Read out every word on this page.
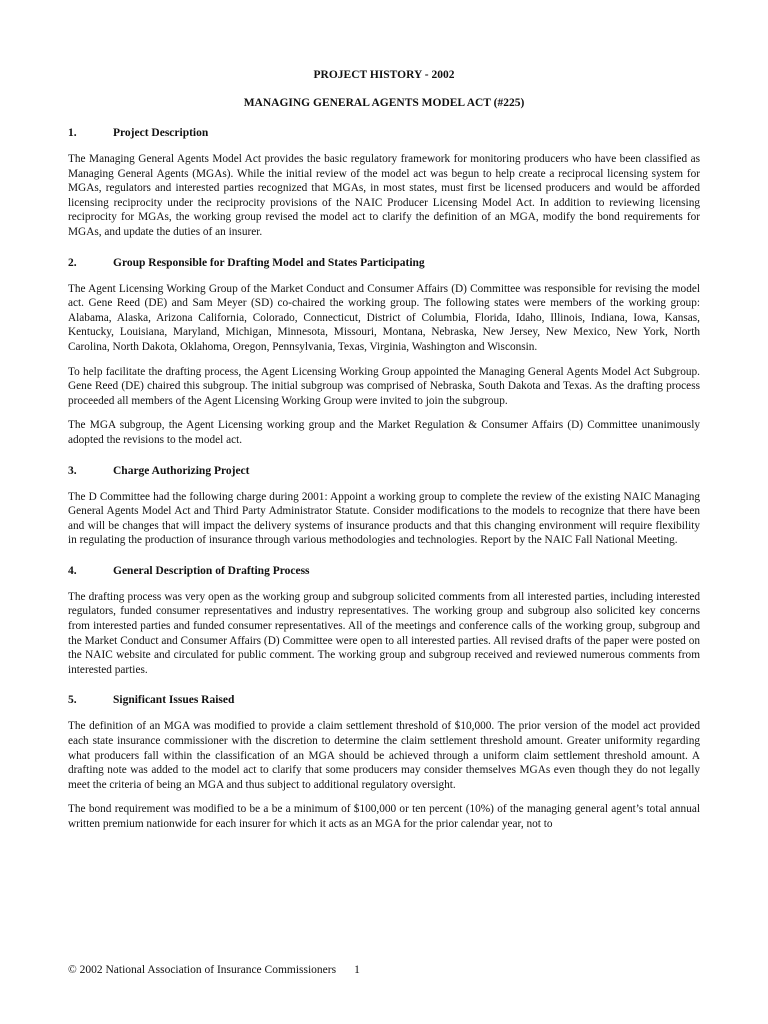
PROJECT HISTORY - 2002
MANAGING GENERAL AGENTS MODEL ACT (#225)
1.	Project Description

The Managing General Agents Model Act provides the basic regulatory framework for monitoring producers who have been classified as Managing General Agents (MGAs). While the initial review of the model act was begun to help create a reciprocal licensing system for MGAs, regulators and interested parties recognized that MGAs, in most states, must first be licensed producers and would be afforded licensing reciprocity under the reciprocity provisions of the NAIC Producer Licensing Model Act. In addition to reviewing licensing reciprocity for MGAs, the working group revised the model act to clarify the definition of an MGA, modify the bond requirements for MGAs, and update the duties of an insurer.

2.	Group Responsible for Drafting Model and States Participating

The Agent Licensing Working Group of the Market Conduct and Consumer Affairs (D) Committee was responsible for revising the model act. Gene Reed (DE) and Sam Meyer (SD) co-chaired the working group. The following states were members of the working group: Alabama, Alaska, Arizona California, Colorado, Connecticut, District of Columbia, Florida, Idaho, Illinois, Indiana, Iowa, Kansas, Kentucky, Louisiana, Maryland, Michigan, Minnesota, Missouri, Montana, Nebraska, New Jersey, New Mexico, New York, North Carolina, North Dakota, Oklahoma, Oregon, Pennsylvania, Texas, Virginia, Washington and Wisconsin.

To help facilitate the drafting process, the Agent Licensing Working Group appointed the Managing General Agents Model Act Subgroup. Gene Reed (DE) chaired this subgroup. The initial subgroup was comprised of Nebraska, South Dakota and Texas. As the drafting process proceeded all members of the Agent Licensing Working Group were invited to join the subgroup.

The MGA subgroup, the Agent Licensing working group and the Market Regulation & Consumer Affairs (D) Committee unanimously adopted the revisions to the model act.

3.	Charge Authorizing Project

The D Committee had the following charge during 2001: Appoint a working group to complete the review of the existing NAIC Managing General Agents Model Act and Third Party Administrator Statute. Consider modifications to the models to recognize that there have been and will be changes that will impact the delivery systems of insurance products and that this changing environment will require flexibility in regulating the production of insurance through various methodologies and technologies. Report by the NAIC Fall National Meeting.

4.	General Description of Drafting Process

The drafting process was very open as the working group and subgroup solicited comments from all interested parties, including interested regulators, funded consumer representatives and industry representatives. The working group and subgroup also solicited key concerns from interested parties and funded consumer representatives. All of the meetings and conference calls of the working group, subgroup and the Market Conduct and Consumer Affairs (D) Committee were open to all interested parties. All revised drafts of the paper were posted on the NAIC website and circulated for public comment. The working group and subgroup received and reviewed numerous comments from interested parties.

5.	Significant Issues Raised

The definition of an MGA was modified to provide a claim settlement threshold of $10,000. The prior version of the model act provided each state insurance commissioner with the discretion to determine the claim settlement threshold amount. Greater uniformity regarding what producers fall within the classification of an MGA should be achieved through a uniform claim settlement threshold amount. A drafting note was added to the model act to clarify that some producers may consider themselves MGAs even though they do not legally meet the criteria of being an MGA and thus subject to additional regulatory oversight.

The bond requirement was modified to be a be a minimum of $100,000 or ten percent (10%) of the managing general agent’s total annual written premium nationwide for each insurer for which it acts as an MGA for the prior calendar year, not to

© 2002 National Association of Insurance Commissioners 1
